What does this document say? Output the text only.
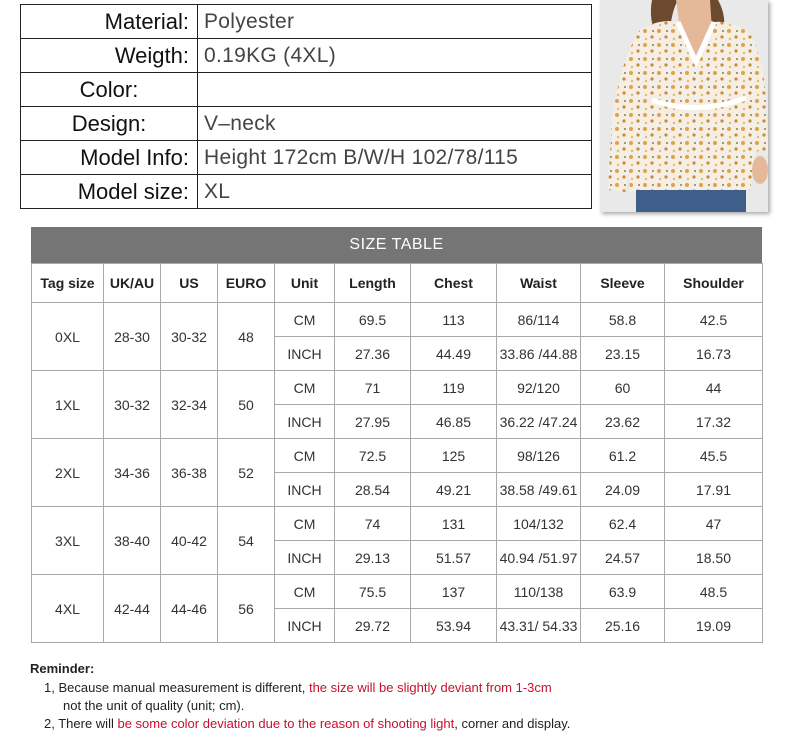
Material:	Polyester
Weigth:	0.19KG (4XL)
Color:	
Design:	V–neck
Model Info:	Height 172cm B/W/H 102/78/115
Model size:	XL
SIZE TABLE
Tag size	UK/AU	US	EURO	Unit	Length	Chest	Waist	Sleeve	Shoulder
0XL	28-30	30-32	48	CM	69.5	113	86/114	58.8	42.5
				INCH	27.36	44.49	33.86 /44.88	23.15	16.73
1XL	30-32	32-34	50	CM	71	119	92/120	60	44
				INCH	27.95	46.85	36.22 /47.24	23.62	17.32
2XL	34-36	36-38	52	CM	72.5	125	98/126	61.2	45.5
				INCH	28.54	49.21	38.58 /49.61	24.09	17.91
3XL	38-40	40-42	54	CM	74	131	104/132	62.4	47
				INCH	29.13	51.57	40.94 /51.97	24.57	18.50
4XL	42-44	44-46	56	CM	75.5	137	110/138	63.9	48.5
				INCH	29.72	53.94	43.31/ 54.33	25.16	19.09
Reminder:
1, Because manual measurement is different, the size will be slightly deviant from 1-3cm
not the unit of quality (unit; cm).
2, There will be some color deviation due to the reason of shooting light, corner and display.
